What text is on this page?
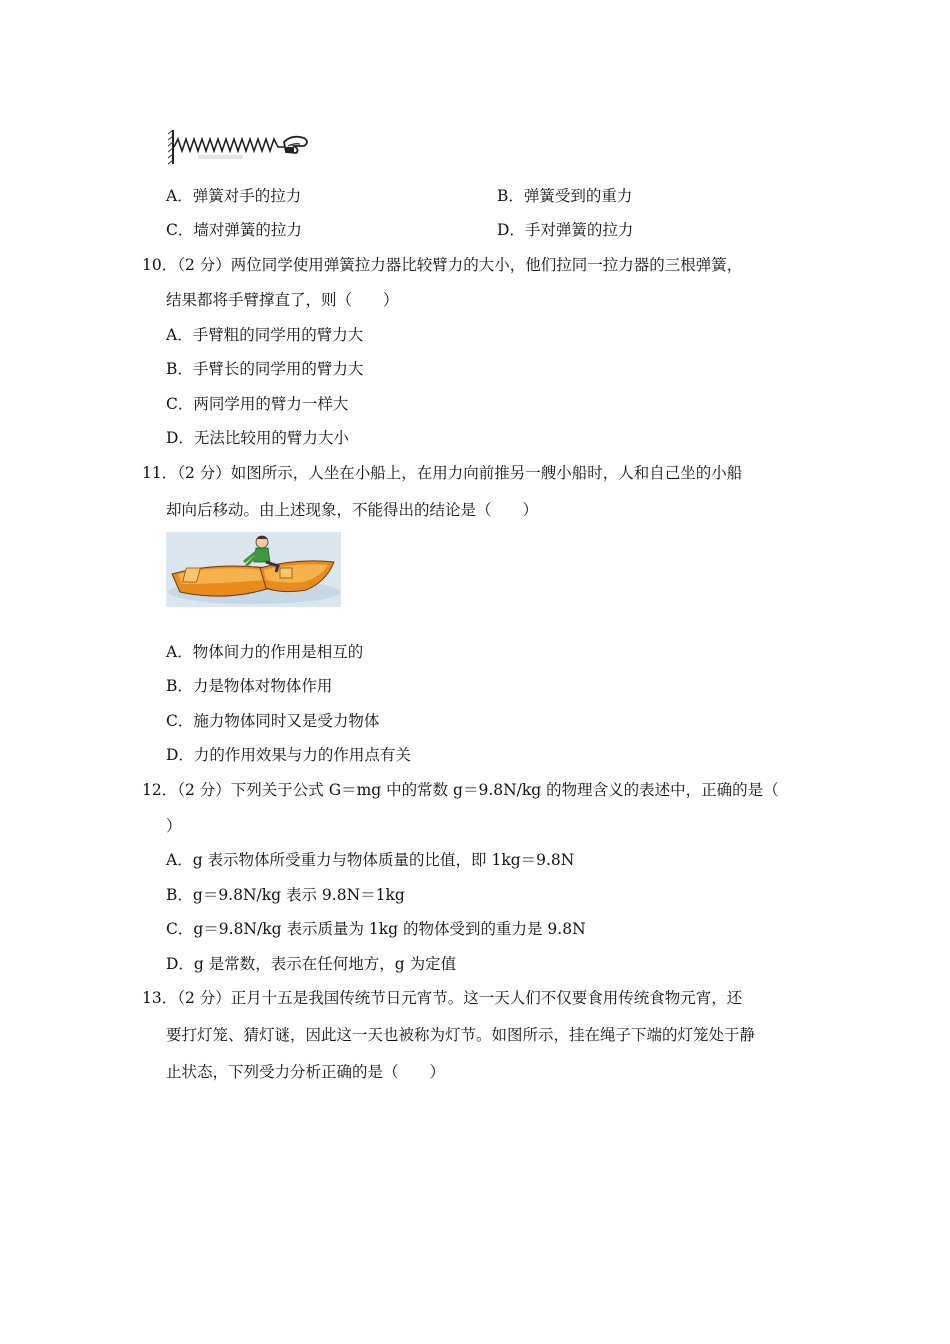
A．弹簧对手的拉力	B．弹簧受到的重力
C．墙对弹簧的拉力	D．手对弹簧的拉力
10．（2 分）两位同学使用弹簧拉力器比较臂力的大小，他们拉同一拉力器的三根弹簧，
结果都将手臂撑直了，则（　　）
A．手臂粗的同学用的臂力大
B．手臂长的同学用的臂力大
C．两同学用的臂力一样大
D．无法比较用的臂力大小
11．（2 分）如图所示，人坐在小船上，在用力向前推另一艘小船时，人和自己坐的小船
却向后移动。由上述现象，不能得出的结论是（　　）
A．物体间力的作用是相互的
B．力是物体对物体作用
C．施力物体同时又是受力物体
D．力的作用效果与力的作用点有关
12．（2 分）下列关于公式 G＝mg 中的常数 g＝9.8N/kg 的物理含义的表述中，正确的是（
）
A．g 表示物体所受重力与物体质量的比值，即 1kg＝9.8N
B．g＝9.8N/kg 表示 9.8N＝1kg
C．g＝9.8N/kg 表示质量为 1kg 的物体受到的重力是 9.8N
D．g 是常数，表示在任何地方，g 为定值
13．（2 分）正月十五是我国传统节日元宵节。这一天人们不仅要食用传统食物元宵，还
要打灯笼、猜灯谜，因此这一天也被称为灯节。如图所示，挂在绳子下端的灯笼处于静
止状态，下列受力分析正确的是（　　）
